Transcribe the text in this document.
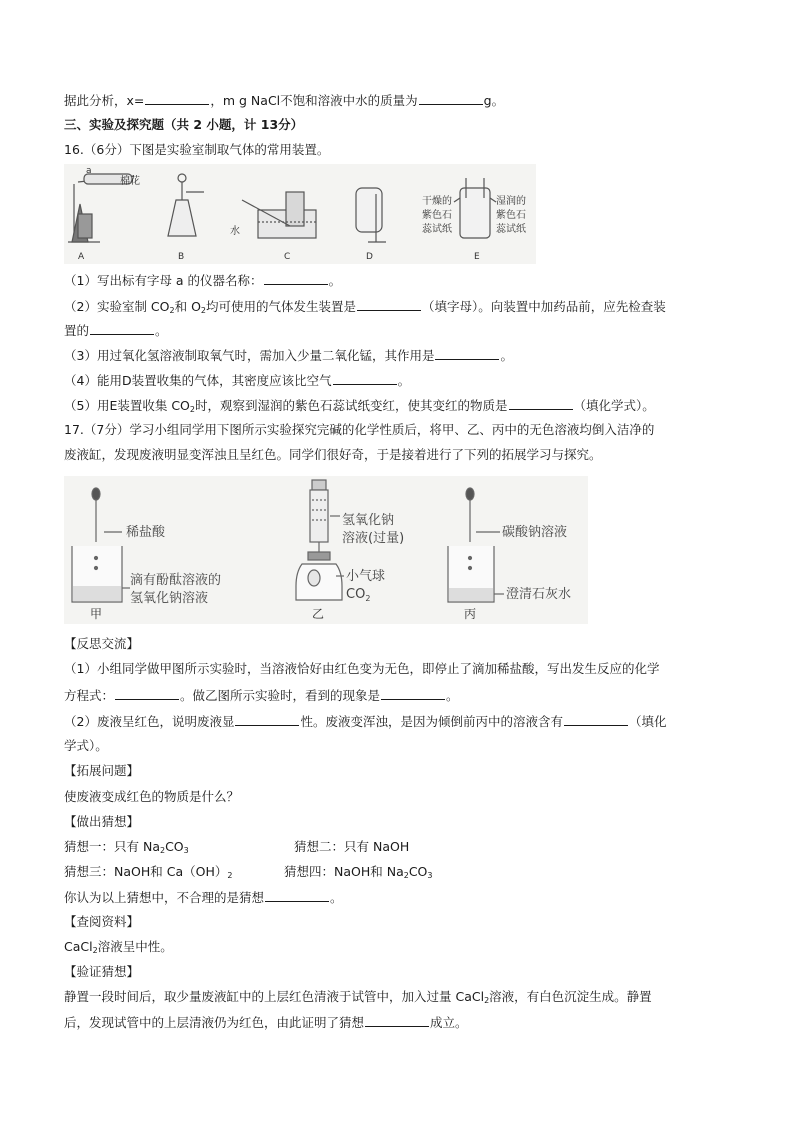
据此分析，x=	，m g NaCl不饱和溶液中水的质量为	g。
三、实验及探究题（共 2 小题，计 13分）
16.（6分）下图是实验室制取气体的常用装置。
a
棉花
水
干燥的
紫色石
蕊试纸
湿润的
紫色石
蕊试纸
A	B	C	D	E
（1）写出标有字母 a 的仪器名称：	。
（2）实验室制 $CO_2$和 $O_2$均可使用的气体发生装置是	（填字母）。向装置中加药品前，应先检查装
置的	。
（3）用过氧化氢溶液制取氧气时，需加入少量二氧化锰，其作用是	。
（4）能用D装置收集的气体，其密度应该比空气	。
（5）用E装置收集 $CO_2$时，观察到湿润的紫色石蕊试纸变红，使其变红的物质是	（填化学式）。
17.（7分）学习小组同学用下图所示实验探究完碱的化学性质后，将甲、乙、丙中的无色溶液均倒入洁净的
废液缸，发现废液明显变浑浊且呈红色。同学们很好奇，于是接着进行了下列的拓展学习与探究。
稀盐酸
滴有酚酞溶液的
氢氧化钠溶液
甲
氢氧化钠
溶液(过量)
小气球
$CO_2$
乙
碳酸钠溶液
澄清石灰水
丙
【反思交流】
（1）小组同学做甲图所示实验时，当溶液恰好由红色变为无色，即停止了滴加稀盐酸，写出发生反应的化学
方程式：	。做乙图所示实验时，看到的现象是	。
（2）废液呈红色，说明废液显	性。废液变浑浊，是因为倾倒前丙中的溶液含有	（填化
学式）。
【拓展问题】
使废液变成红色的物质是什么？
【做出猜想】
猜想一：只有 $Na_2CO_3$	猜想二：只有 NaOH
猜想三：NaOH和 $Ca(OH)_2$	猜想四：NaOH和 $Na_2CO_3$
你认为以上猜想中，不合理的是猜想	。
【查阅资料】
CaCl$_2$溶液呈中性。
【验证猜想】
静置一段时间后，取少量废液缸中的上层红色清液于试管中，加入过量 CaCl$_2$溶液，有白色沉淀生成。静置
后，发现试管中的上层清液仍为红色，由此证明了猜想	成立。
